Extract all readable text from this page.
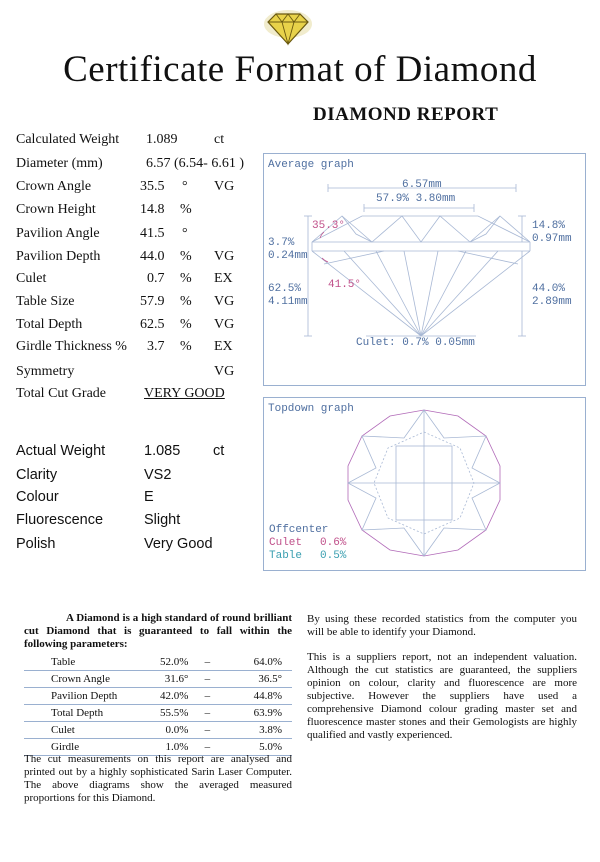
Certificate Format of Diamond
DIAMOND REPORT
Calculated Weight 1.089	ct
Diameter (mm)	6.57 (6.54- 6.61 )
Crown Angle	35.5 ° VG
Crown Height	14.8 %
Pavilion Angle	41.5 °
Pavilion Depth	44.0 % VG
Culet	0.7 % EX
Table Size	57.9 % VG
Total Depth	62.5 % VG
Girdle Thickness % 3.7 % EX
Symmetry	VG
Total Cut Grade	VERY GOOD
Actual Weight	1.085 ct
Clarity	VS2
Colour	E
Fluorescence	Slight
Polish	Very Good
Average graph
6.57mm
57.9% 3.80mm
35.3°	14.8%
0.97mm
3.7%
0.24mm
62.5%
4.11mm
41.5°	44.0%
2.89mm
Culet: 0.7% 0.05mm
Topdown graph
Offcenter
Culet 0.6%
Table 0.5%
A Diamond is a high standard of round brilliant cut Diamond that is guaranteed to fall within the following parameters:
Table	52.0%	–	64.0%
Crown Angle	31.6°	–	36.5°
Pavilion Depth	42.0%	–	44.8%
Total Depth	55.5%	–	63.9%
Culet	0.0%	–	3.8%
Girdle	1.0%	–	5.0%
The cut measurements on this report are analysed and printed out by a highly sophisticated Sarin Laser Computer. The above diagrams show the averaged measured proportions for this Diamond.
By using these recorded statistics from the computer you will be able to identify your Diamond.
This is a suppliers report, not an independent valuation. Although the cut statistics are guaranteed, the suppliers opinion on colour, clarity and fluorescence are more subjective. However the suppliers have used a comprehensive Diamond colour grading master set and fluorescence master stones and their Gemologists are highly qualified and vastly experienced.
